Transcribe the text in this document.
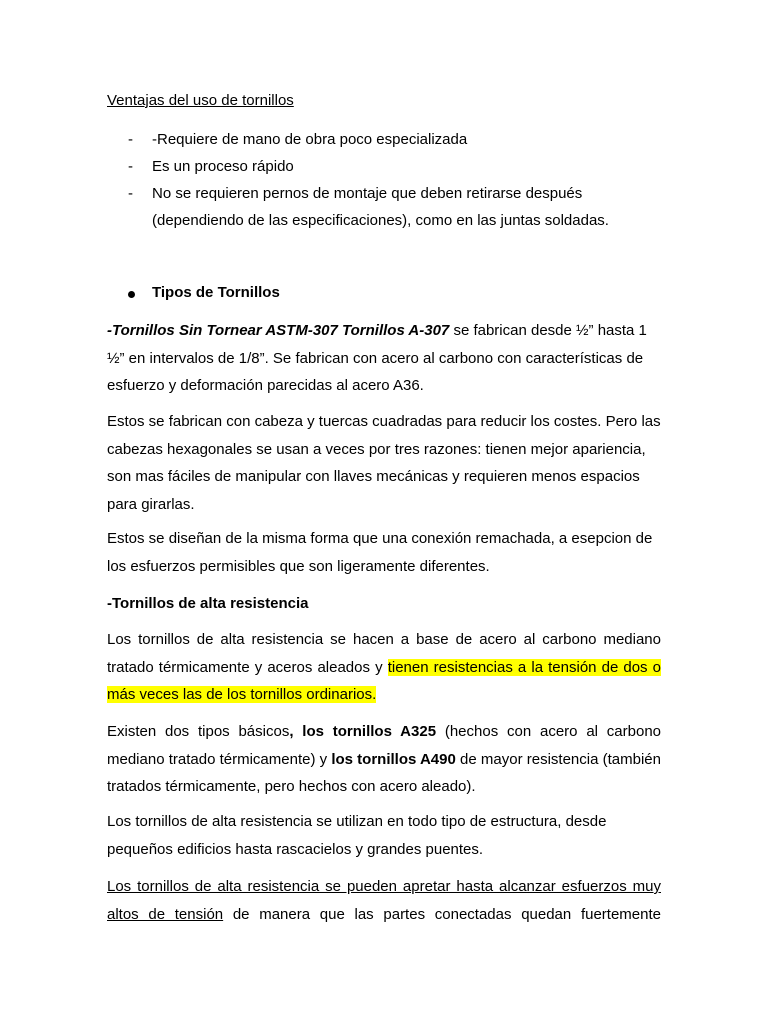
Ventajas del uso de tornillos
- -Requiere de mano de obra poco especializada
- Es un proceso rápido
- No se requieren pernos de montaje que deben retirarse después (dependiendo de las especificaciones), como en las juntas soldadas.
Tipos de Tornillos

-Tornillos Sin Tornear ASTM-307 Tornillos A-307 se fabrican desde ½” hasta 1 ½” en intervalos de 1/8”. Se fabrican con acero al carbono con características de esfuerzo y deformación parecidas al acero A36.

Estos se fabrican con cabeza y tuercas cuadradas para reducir los costes. Pero las cabezas hexagonales se usan a veces por tres razones: tienen mejor apariencia, son mas fáciles de manipular con llaves mecánicas y requieren menos espacios para girarlas.

Estos se diseñan de la misma forma que una conexión remachada, a esepcion de los esfuerzos permisibles que son ligeramente diferentes.

-Tornillos de alta resistencia

Los tornillos de alta resistencia se hacen a base de acero al carbono mediano tratado térmicamente y aceros aleados y tienen resistencias a la tensión de dos o más veces las de los tornillos ordinarios.

Existen dos tipos básicos, los tornillos A325 (hechos con acero al carbono mediano tratado térmicamente) y los tornillos A490 de mayor resistencia (también tratados térmicamente, pero hechos con acero aleado).

Los tornillos de alta resistencia se utilizan en todo tipo de estructura, desde pequeños edificios hasta rascacielos y grandes puentes.

Los tornillos de alta resistencia se pueden apretar hasta alcanzar esfuerzos muy altos de tensión de manera que las partes conectadas quedan fuertemente
